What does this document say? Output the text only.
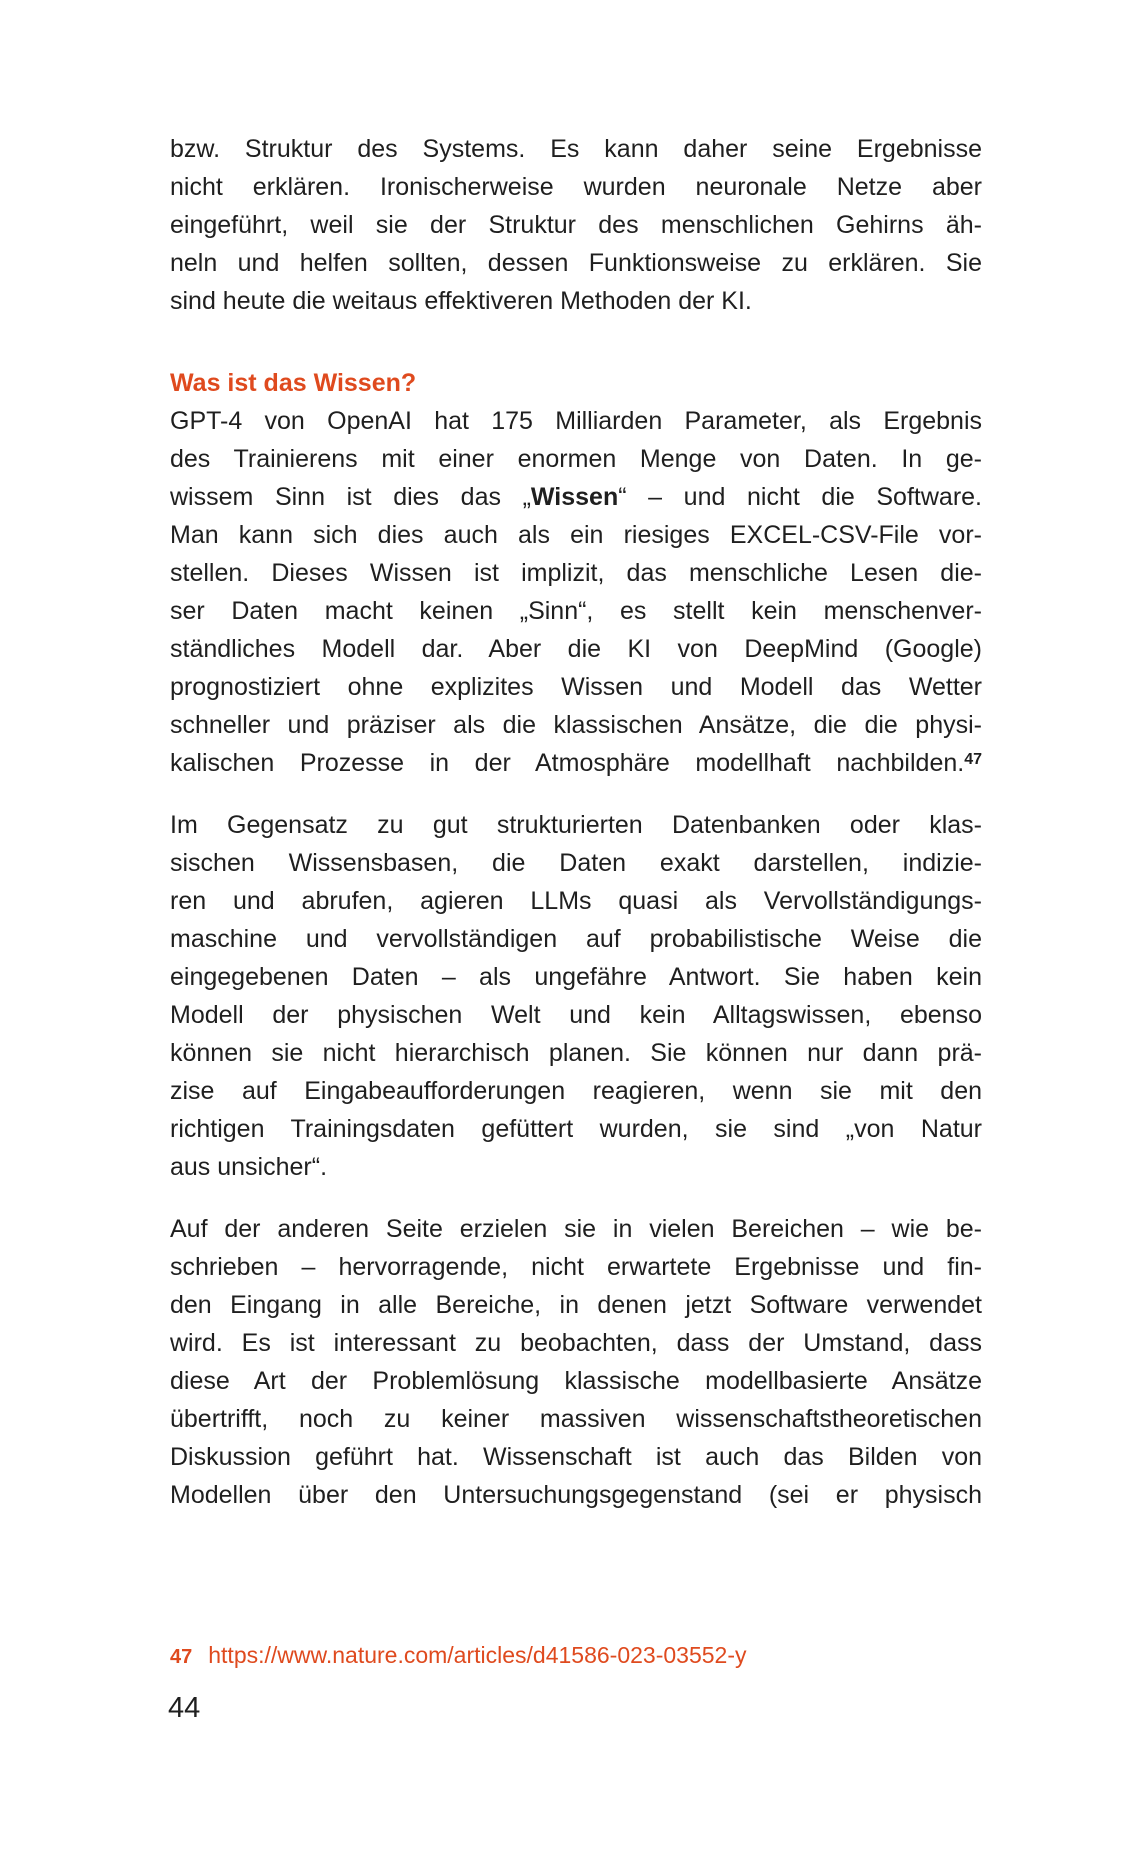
bzw. Struktur des Systems. Es kann daher seine Ergebnisse
nicht erklären. Ironischerweise wurden neuronale Netze aber
eingeführt, weil sie der Struktur des menschlichen Gehirns äh-
neln und helfen sollten, dessen Funktionsweise zu erklären. Sie
sind heute die weitaus effektiveren Methoden der KI.
Was ist das Wissen?
GPT-4 von OpenAI hat 175 Milliarden Parameter, als Ergebnis
des Trainierens mit einer enormen Menge von Daten. In ge-
wissem Sinn ist dies das „Wissen“ – und nicht die Software.
Man kann sich dies auch als ein riesiges EXCEL-CSV-File vor-
stellen. Dieses Wissen ist implizit, das menschliche Lesen die-
ser Daten macht keinen „Sinn“, es stellt kein menschenver-
ständliches Modell dar. Aber die KI von DeepMind (Google)
prognostiziert ohne explizites Wissen und Modell das Wetter
schneller und präziser als die klassischen Ansätze, die die physi-
kalischen Prozesse in der Atmosphäre modellhaft nachbilden.$^{47}$
Im Gegensatz zu gut strukturierten Datenbanken oder klas-
sischen Wissensbasen, die Daten exakt darstellen, indizie-
ren und abrufen, agieren LLMs quasi als Vervollständigungs-
maschine und vervollständigen auf probabilistische Weise die
eingegebenen Daten – als ungefähre Antwort. Sie haben kein
Modell der physischen Welt und kein Alltagswissen, ebenso
können sie nicht hierarchisch planen. Sie können nur dann prä-
zise auf Eingabeaufforderungen reagieren, wenn sie mit den
richtigen Trainingsdaten gefüttert wurden, sie sind „von Natur
aus unsicher“.
Auf der anderen Seite erzielen sie in vielen Bereichen – wie be-
schrieben – hervorragende, nicht erwartete Ergebnisse und fin-
den Eingang in alle Bereiche, in denen jetzt Software verwendet
wird. Es ist interessant zu beobachten, dass der Umstand, dass
diese Art der Problemlösung klassische modellbasierte Ansätze
übertrifft, noch zu keiner massiven wissenschaftstheoretischen
Diskussion geführt hat. Wissenschaft ist auch das Bilden von
Modellen über den Untersuchungsgegenstand (sei er physisch
47 https://www.nature.com/articles/d41586-023-03552-y
44
